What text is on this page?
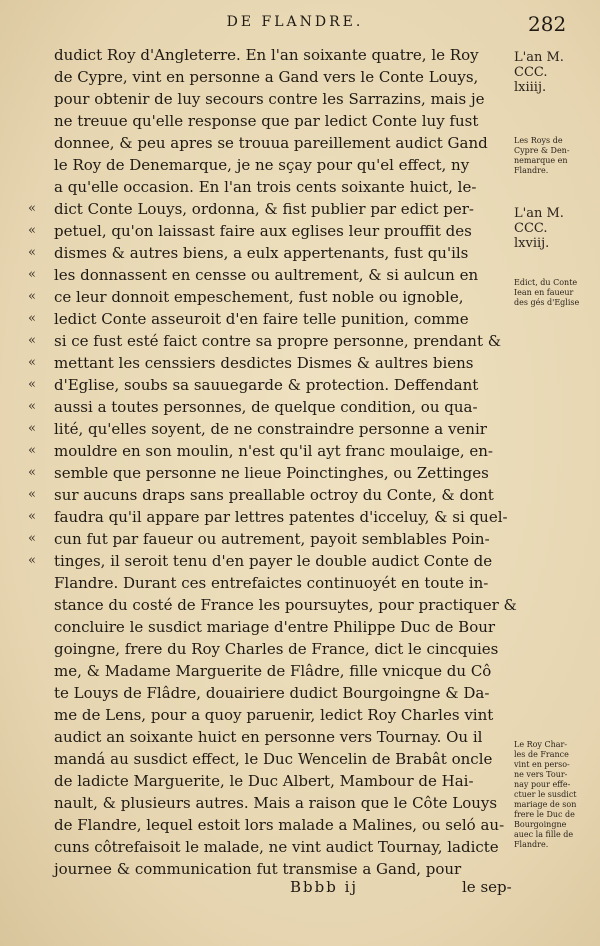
DE FLANDRE.	282
dudict Roy d'Angleterre. En l'an soixante quatre, le Roy
de Cypre, vint en personne a Gand vers le Conte Louys,
pour obtenir de luy secours contre les Sarrazins, mais je
ne treuue qu'elle response que par ledict Conte luy fust
donnee, & peu apres se trouua pareillement audict Gand
le Roy de Denemarque, je ne sçay pour qu'el effect, ny
a qu'elle occasion. En l'an trois cents soixante huict, le-
« dict Conte Louys, ordonna, & fist publier par edict per-
« petuel, qu'on laissast faire aux eglises leur prouffit des
« dismes & autres biens, a eulx appertenants, fust qu'ils
« les donnassent en censse ou aultrement, & si aulcun en
« ce leur donnoit empeschement, fust noble ou ignoble,
« ledict Conte asseuroit d'en faire telle punition, comme
« si ce fust esté faict contre sa propre personne, prendant &
« mettant les censsiers desdictes Dismes & aultres biens
« d'Eglise, soubs sa sauuegarde & protection. Deffendant
« aussi a toutes personnes, de quelque condition, ou qua-
« lité, qu'elles soyent, de ne constraindre personne a venir
« mouldre en son moulin, n'est qu'il ayt franc moulaige, en-
« semble que personne ne lieue Poinctinghes, ou Zettinges
« sur aucuns draps sans preallable octroy du Conte, & dont
« faudra qu'il appare par lettres patentes d'icceluy, & si quel-
« cun fut par faueur ou autrement, payoit semblables Poin-
« tinges, il seroit tenu d'en payer le double audict Conte de
Flandre. Durant ces entrefaictes continuoyét en toute in-
stance du costé de France les poursuytes, pour practiquer &
concluire le susdict mariage d'entre Philippe Duc de Bour
goingne, frere du Roy Charles de France, dict le cincquies
me, & Madame Marguerite de Flâdre, fille vnicque du Cô
te Louys de Flâdre, douairiere dudict Bourgoingne & Da-
me de Lens, pour a quoy paruenir, ledict Roy Charles vint
audict an soixante huict en personne vers Tournay. Ou il
mandá au susdict effect, le Duc Wencelin de Brabât oncle
de ladicte Marguerite, le Duc Albert, Mambour de Hai-
nault, & plusieurs autres. Mais a raison que le Côte Louys
de Flandre, lequel estoit lors malade a Malines, ou seló au-
cuns côtrefaisoit le malade, ne vint audict Tournay, ladicte
journee & communication fut transmise a Gand, pour
L'an M.
CCC.
lxiiij.
Les Roys de
Cypre & Den-
nemarque en
Flandre.
L'an M.
CCC.
lxviij.
Edict, du Conte
Iean en faueur
des gés d'Eglise
Le Roy Char-
les de France
vint en perso-
ne vers Tour-
nay pour effe-
ctuer le susdict
mariage de son
frere le Duc de
Bourgoingne
auec la fille de
Flandre.
Bbbb ij	le sep-
